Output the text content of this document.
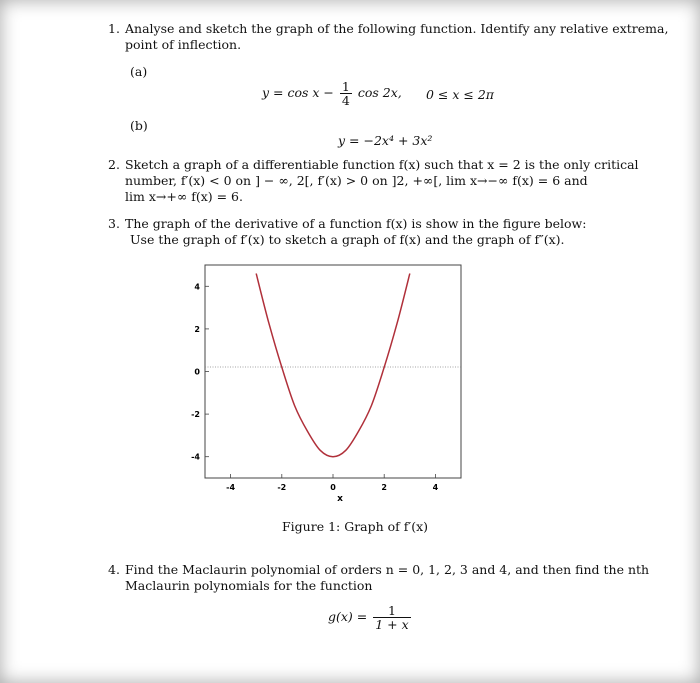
1. Analyse and sketch the graph of the following function. Identify any relative extrema,
point of inflection.
(a)
$y = \cos x - \frac{1}{4}$ cos 2x, 0 ≤ x ≤ 2π
(b)
y = −2x⁴ + 3x²
2. Sketch a graph of a differentiable function f(x) such that x = 2 is the only critical
number, f′(x) < 0 on ] − ∞, 2[, f′(x) > 0 on ]2, +∞[, lim x→−∞ f(x) = 6 and
lim x→+∞ f(x) = 6.
3. The graph of the derivative of a function f(x) is show in the figure below:
Use the graph of f′(x) to sketch a graph of f(x) and the graph of f″(x).
4
2
0
-2
-4
-4	-2	0	2	4
x
Figure 1: Graph of f′(x)
4. Find the Maclaurin polynomial of orders n = 0, 1, 2, 3 and 4, and then find the nth
Maclaurin polynomials for the function
$g(x) = \frac{1}{1 + x}$
